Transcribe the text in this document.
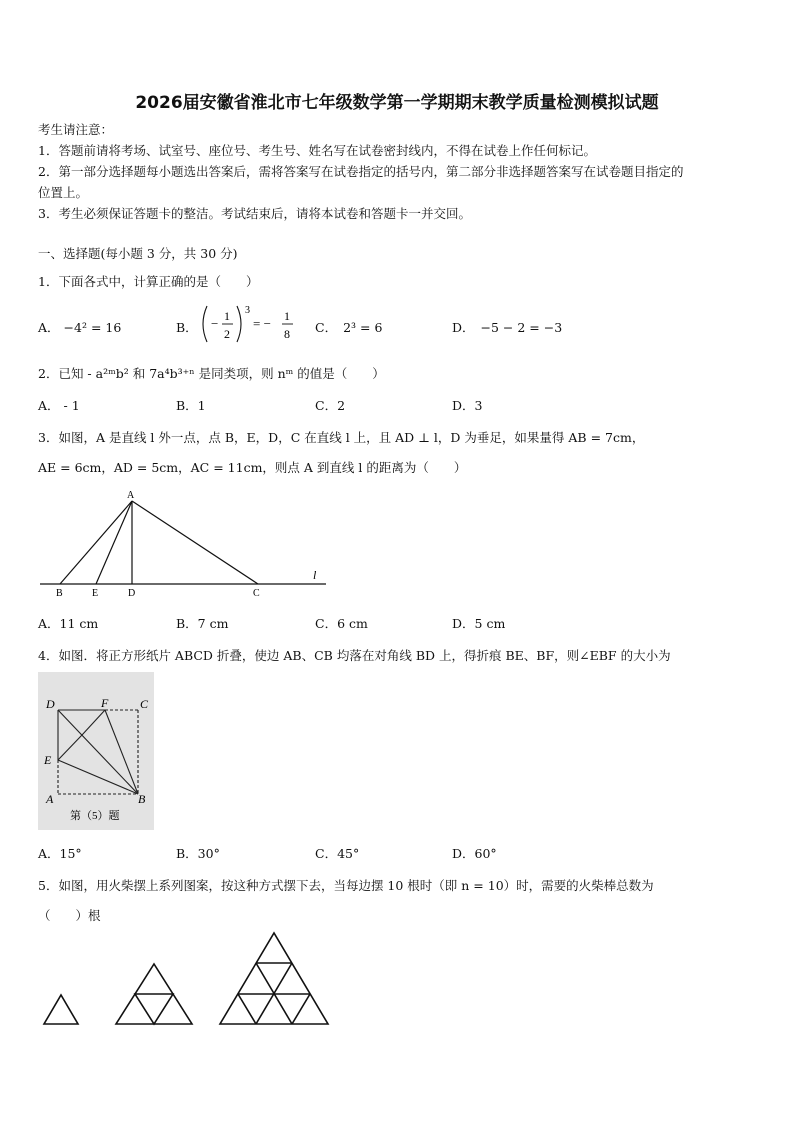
2026届安徽省淮北市七年级数学第一学期期末教学质量检测模拟试题
考生请注意：
1．答题前请将考场、试室号、座位号、考生号、姓名写在试卷密封线内，不得在试卷上作任何标记。
2．第一部分选择题每小题选出答案后，需将答案写在试卷指定的括号内，第二部分非选择题答案写在试卷题目指定的
位置上。
3．考生必须保证答题卡的整洁。考试结束后，请将本试卷和答题卡一并交回。
一、选择题(每小题 3 分，共 30 分)
1．下面各式中，计算正确的是（　　）
A． −4² = 16	B． − 1
2
3
= − 1
8 C． 2³ = 6	D． −5 − 2 = −3
2．已知 - a²ᵐb² 和 7a⁴b³⁺ⁿ 是同类项，则 nᵐ 的值是（　　）
A． - 1	B．1	C．2	D．3
3．如图，A 是直线 l 外一点，点 B，E，D，C 在直线 l 上，且 AD ⊥ l，D 为垂足，如果量得 AB = 7cm，
AE = 6cm，AD = 5cm，AC = 11cm，则点 A 到直线 l 的距离为（　　）
A
B	E	D	C
l
A．11 cm	B．7 cm	C．6 cm	D．5 cm
4．如图．将正方形纸片 ABCD 折叠，使边 AB、CB 均落在对角线 BD 上，得折痕 BE、BF，则∠EBF 的大小为
D	F	C
E
A	B
第（5）题
A．15°	B．30°	C．45°	D．60°
5．如图，用火柴摆上系列图案，按这种方式摆下去，当每边摆 10 根时（即 n = 10）时，需要的火柴棒总数为
（　　）根
